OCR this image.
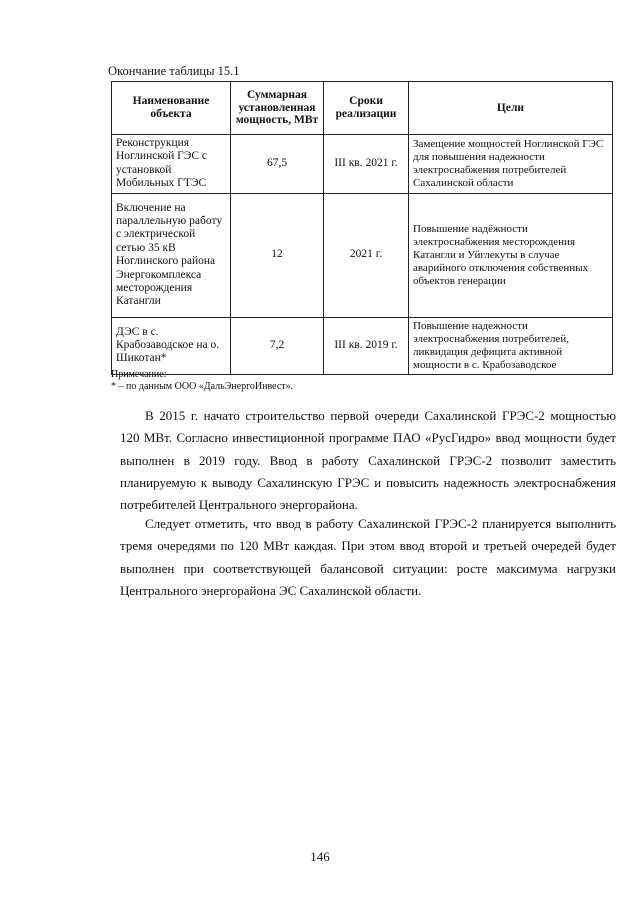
Окончание таблицы 15.1
Наименование объекта	Суммарная установленная мощность, МВт	Сроки реализации	Цели
Реконструкция Ноглинской ГЭС с установкой Мобильных ГТЭС	67,5	III кв. 2021 г.	Замещение мощностей Ноглинской ГЭС для повышения надежности электроснабжения потребителей Сахалинской области
Включение на параллельную работу с электрической сетью 35 кВ Ноглинского района Энергокомплекса месторождения Катангли	12	2021 г.	Повышение надёжности электроснабжения месторождения Катангли и Уйглекуты в случае аварийного отключения собственных объектов генерации
ДЭС в с. Крабозаводское на о. Шикотан*	7,2	III кв. 2019 г.	Повышение надежности электроснабжения потребителей, ликвидация дефицита активной мощности в с. Крабозаводское
Примечание:
* – по данным ООО «ДальЭнергоИнвест».

В 2015 г. начато строительство первой очереди Сахалинской ГРЭС-2 мощностью 120 МВт. Согласно инвестиционной программе ПАО «РусГидро» ввод мощности будет выполнен в 2019 году. Ввод в работу Сахалинской ГРЭС-2 позволит заместить планируемую к выводу Сахалинскую ГРЭС и повысить надежность электроснабжения потребителей Центрального энергорайона.

Следует отметить, что ввод в работу Сахалинской ГРЭС-2 планируется выполнить тремя очередями по 120 МВт каждая. При этом ввод второй и третьей очередей будет выполнен при соответствующей балансовой ситуации: росте максимума нагрузки Центрального энергорайона ЭС Сахалинской области.

146
